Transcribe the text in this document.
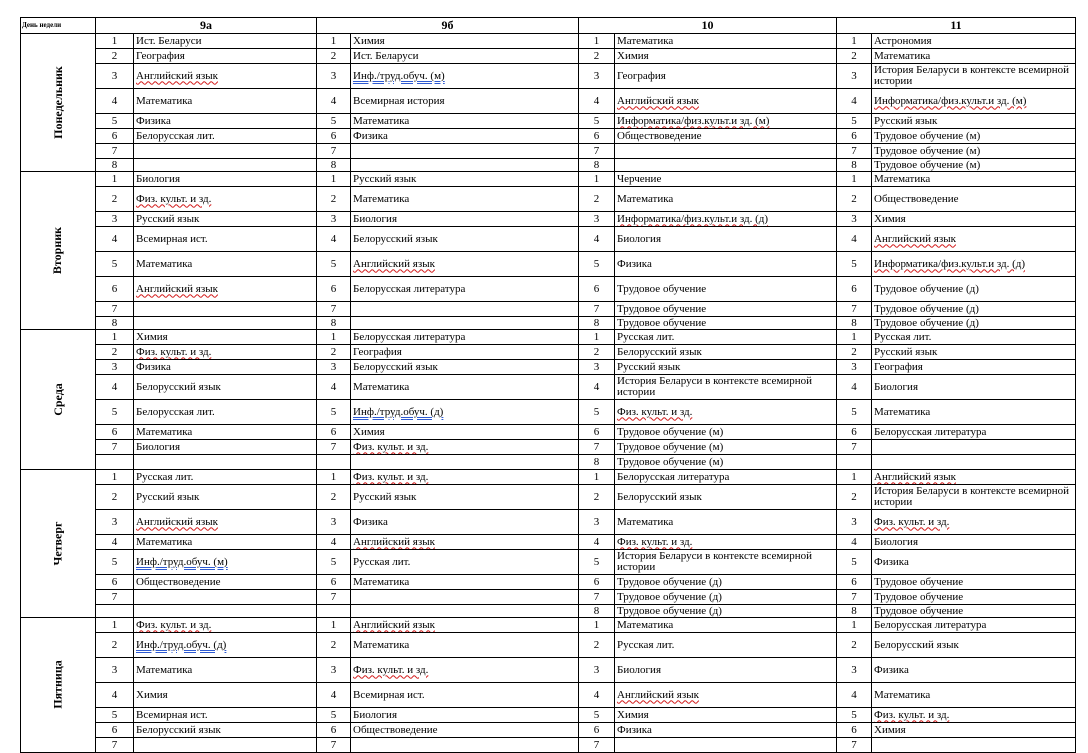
День недели	9а		9б		10		11	
Понедельник	1	Ист. Беларуси	1	Химия	1	Математика	1	Астрономия
	2	География	2	Ист. Беларуси	2	Химия	2	Математика
	3	Английский язык	3	Инф./труд.обуч. (м)	3	География	3	История Беларуси в контексте всемирной истории
	4	Математика	4	Всемирная история	4	Английский язык	4	Информатика/физ.культ.и зд. (м)
	5	Физика	5	Математика	5	Информатика/физ.культ.и зд. (м)	5	Русский язык
	6	Белорусская лит.	6	Физика	6	Обществоведение	6	Трудовое обучение (м)
	7		7		7		7	Трудовое обучение (м)
	8		8		8		8	Трудовое обучение (м)
Вторник	1	Биология	1	Русский язык	1	Черчение	1	Математика
	2	Физ. культ. и зд.	2	Математика	2	Математика	2	Обществоведение
	3	Русский язык	3	Биология	3	Информатика/физ.культ.и зд. (д)	3	Химия
	4	Всемирная ист.	4	Белорусский язык	4	Биология	4	Английский язык
	5	Математика	5	Английский язык	5	Физика	5	Информатика/физ.культ.и зд. (д)
	6	Английский язык	6	Белорусская литература	6	Трудовое обучение	6	Трудовое обучение (д)
	7		7		7	Трудовое обучение	7	Трудовое обучение (д)
	8		8		8	Трудовое обучение	8	Трудовое обучение (д)
Среда	1	Химия	1	Белорусская литература	1	Русская лит.	1	Русская лит.
	2	Физ. культ. и зд.	2	География	2	Белорусский язык	2	Русский язык
	3	Физика	3	Белорусский язык	3	Русский язык	3	География
	4	Белорусский язык	4	Математика	4	История Беларуси в контексте всемирной истории	4	Биология
	5	Белорусская лит.	5	Инф./труд.обуч. (д)	5	Физ. культ. и зд.	5	Математика
	6	Математика	6	Химия	6	Трудовое обучение (м)	6	Белорусская литература
	7	Биология	7	Физ. культ. и зд.	7	Трудовое обучение (м)	7	
					8	Трудовое обучение (м)		
Четверг	1	Русская лит.	1	Физ. культ. и зд.	1	Белорусская литература	1	Английский язык
	2	Русский язык	2	Русский язык	2	Белорусский язык	2	История Беларуси в контексте всемирной истории
	3	Английский язык	3	Физика	3	Математика	3	Физ. культ. и зд.
	4	Математика	4	Английский язык	4	Физ. культ. и зд.	4	Биология
	5	Инф./труд.обуч. (м)	5	Русская лит.	5	История Беларуси в контексте всемирной истории	5	Физика
	6	Обществоведение	6	Математика	6	Трудовое обучение (д)	6	Трудовое обучение
	7		7		7	Трудовое обучение (д)	7	Трудовое обучение
					8	Трудовое обучение (д)	8	Трудовое обучение
Пятница	1	Физ. культ. и зд.	1	Английский язык	1	Математика	1	Белорусская литература
	2	Инф./труд.обуч. (д)	2	Математика	2	Русская лит.	2	Белорусский язык
	3	Математика	3	Физ. культ. и зд.	3	Биология	3	Физика
	4	Химия	4	Всемирная ист.	4	Английский язык	4	Математика
	5	Всемирная ист.	5	Биология	5	Химия	5	Физ. культ. и зд.
	6	Белорусский язык	6	Обществоведение	6	Физика	6	Химия
	7		7		7		7	
